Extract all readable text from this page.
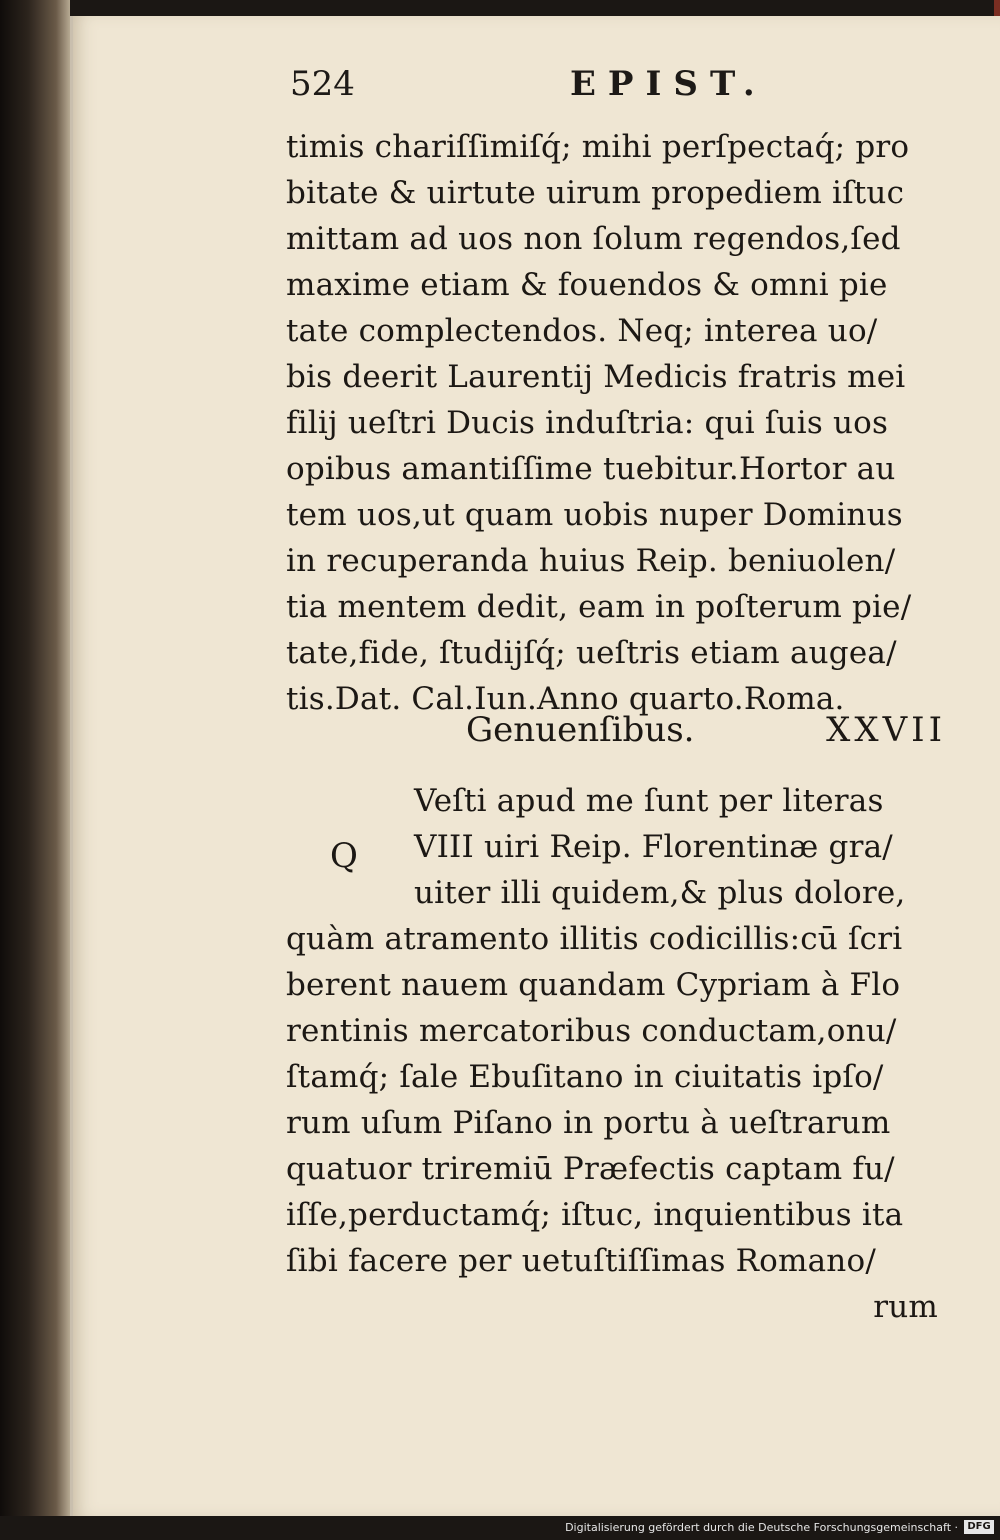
524	EPIST.
timis chariſſimiſq́; mihi perſpectaq́; pro
bitate & uirtute uirum propediem iſtuc
mittam ad uos non ſolum regendos,ſed
maxime etiam & fouendos & omni pie
tate complectendos. Neq; interea uo/
bis deerit Laurentij Medicis fratris mei
filij ueſtri Ducis induſtria: qui ſuis uos
opibus amantiſſime tuebitur.Hortor au
tem uos,ut quam uobis nuper Dominus
in recuperanda huius Reip. beniuolen/
tia mentem dedit, eam in poſterum pie/
tate,fide, ſtudijſq́; ueſtris etiam augea/
tis.Dat. Cal.Iun.Anno quarto.Roma.
Genuenſibus.	XXVII
Q
Veſti apud me ſunt per literas
VIII uiri Reip. Florentinæ gra/
uiter illi quidem,& plus dolore,
quàm atramento illitis codicillis:cū ſcri
berent nauem quandam Cypriam à Flo
rentinis mercatoribus conductam,onu/
ſtamq́; ſale Ebuſitano in ciuitatis ipſo/
rum uſum Piſano in portu à ueſtrarum
quatuor triremiū Præfectis captam fu/
iſſe,perductamq́; iſtuc, inquientibus ita
ſibi facere per uetuſtiſſimas Romano/
rum
Digitalisierung gefördert durch die Deutsche Forschungsgemeinschaft · DFG
